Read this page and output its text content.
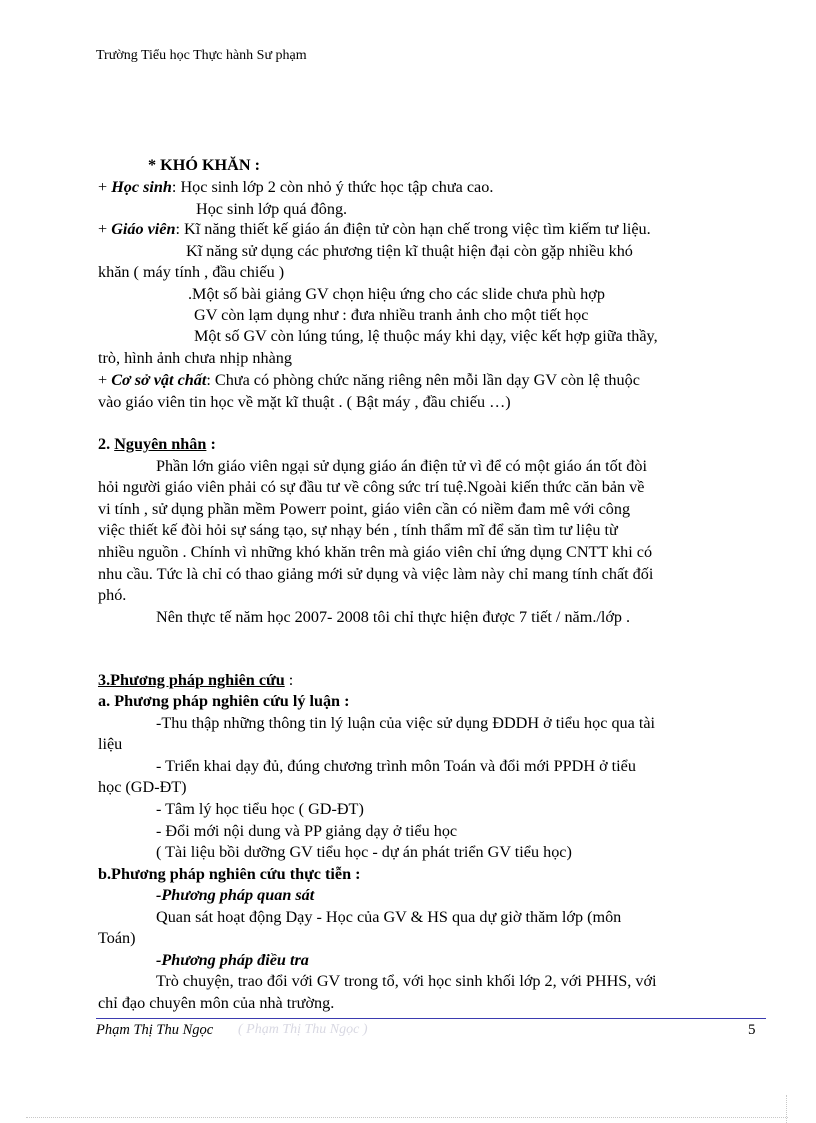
Trường Tiểu học Thực hành Sư phạm
* KHÓ KHĂN :
+ Học sinh: Học sinh lớp 2 còn nhỏ ý thức học tập chưa cao.
Học sinh lớp quá đông.
+ Giáo viên: Kĩ năng thiết kế giáo án điện tử còn hạn chế trong việc tìm kiếm tư liệu.
Kĩ năng sử dụng các phương tiện kĩ thuật hiện đại còn gặp nhiều khó
khăn ( máy tính , đầu chiếu )
.Một số bài giảng GV chọn hiệu ứng cho các slide chưa phù hợp
GV còn lạm dụng như : đưa nhiều tranh ảnh cho một tiết học
Một số GV còn lúng túng, lệ thuộc máy khi dạy, việc kết hợp giữa thầy,
trò, hình ảnh chưa nhịp nhàng
+ Cơ sở vật chất: Chưa có phòng chức năng riêng nên mỗi lần dạy GV còn lệ thuộc
vào giáo viên tin học về mặt kĩ thuật . ( Bật máy , đầu chiếu …)
2. Nguyên nhân :
Phần lớn giáo viên ngại sử dụng giáo án điện tử vì để có một giáo án tốt đòi
hỏi người giáo viên phải có sự đầu tư về công sức trí tuệ.Ngoài kiến thức căn bản về
vi tính , sử dụng phần mềm Powerr point, giáo viên cần có niềm đam mê với công
việc thiết kế đòi hỏi sự sáng tạo, sự nhạy bén , tính thẩm mĩ để săn tìm tư liệu từ
nhiều nguồn . Chính vì những khó khăn trên mà giáo viên chỉ ứng dụng CNTT khi có
nhu cầu. Tức là chỉ có thao giảng mới sử dụng và việc làm này chỉ mang tính chất đối
phó.
Nên thực tế năm học 2007- 2008 tôi chỉ thực hiện được 7 tiết / năm./lớp .
3.Phương pháp nghiên cứu :
a. Phương pháp nghiên cứu lý luận :
-Thu thập những thông tin lý luận của việc sử dụng ĐDDH ở tiểu học qua tài
liệu
- Triển khai dạy đủ, đúng chương trình môn Toán và đổi mới PPDH ở tiểu
học (GD-ĐT)
- Tâm lý học tiểu học ( GD-ĐT)
- Đổi mới nội dung và PP giảng dạy ở tiểu học
( Tài liệu bồi dưỡng GV tiểu học - dự án phát triển GV tiểu học)
b.Phương pháp nghiên cứu thực tiễn :
-Phương pháp quan sát
Quan sát hoạt động Dạy - Học của GV & HS qua dự giờ thăm lớp (môn
Toán)
-Phương pháp điều tra
Trò chuyện, trao đổi với GV trong tổ, với học sinh khối lớp 2, với PHHS, với
chỉ đạo chuyên môn của nhà trường.
Phạm Thị Thu Ngọc ( Phạm Thị Thu Ngọc )	5
